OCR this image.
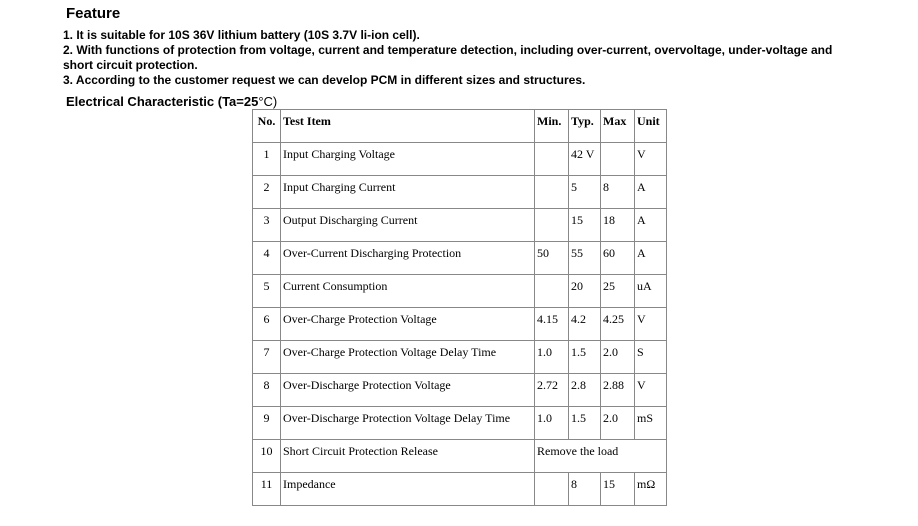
Feature
1. It is suitable for 10S 36V lithium battery (10S 3.7V li-ion cell).
2. With functions of protection from voltage, current and temperature detection, including over-current, overvoltage, under-voltage and short circuit protection.
3. According to the customer request we can develop PCM in different sizes and structures.
Electrical Characteristic (Ta=25°C)
No.	Test Item	Min.	Typ.	Max	Unit

1	Input Charging Voltage		42 V		V

2	Input Charging Current		5	8	A

3	Output Discharging Current		15	18	A

4	Over-Current Discharging Protection	50	55	60	A

5	Current Consumption		20	25	uA

6	Over-Charge Protection Voltage	4.15	4.2	4.25	V

7	Over-Charge Protection Voltage Delay Time	1.0	1.5	2.0	S

8	Over-Discharge Protection Voltage	2.72	2.8	2.88	V

9	Over-Discharge Protection Voltage Delay Time	1.0	1.5	2.0	mS

10	Short Circuit Protection Release	Remove the load			

11	Impedance		8	15	mΩ
